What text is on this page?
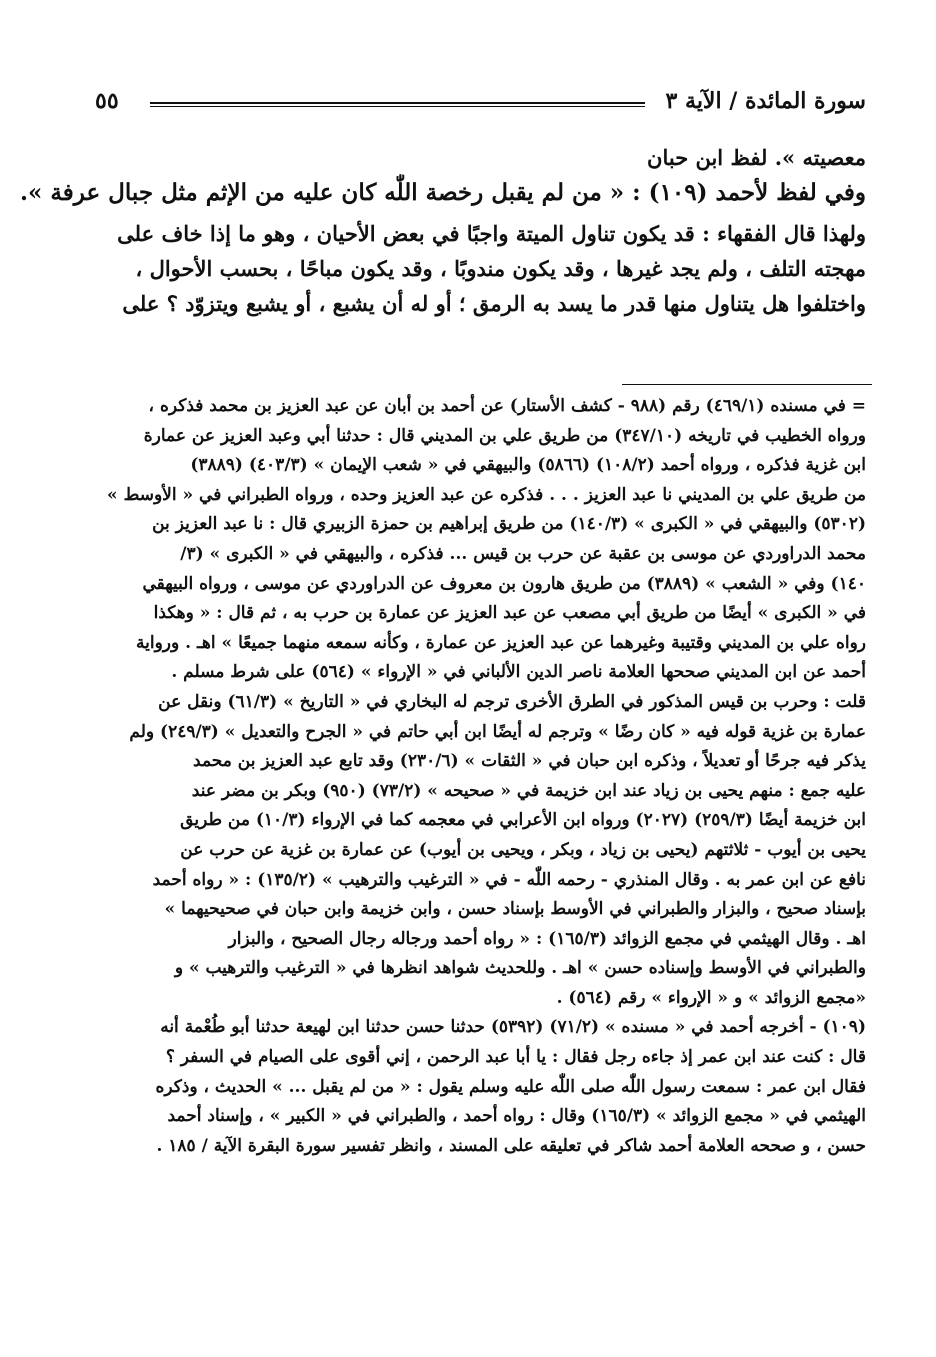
٥٥	سورة المائدة / الآية ٣

معصيته ». لفظ ابن حبان
وفي لفظ لأحمد (١٠٩) : « من لم يقبل رخصة اللّٰه كان عليه من الإثم مثل جبال عرفة ».

ولهذا قال الفقهاء : قد يكون تناول الميتة واجبًا في بعض الأحيان ، وهو ما إذا خاف على
مهجته التلف ، ولم يجد غيرها ، وقد يكون مندوبًا ، وقد يكون مباحًا ، بحسب الأحوال ،
واختلفوا هل يتناول منها قدر ما يسد به الرمق ؛ أو له أن يشبع ، أو يشبع ويتزوّد ؟ على

= في مسنده (٤٦٩/١) رقم (٩٨٨ - كشف الأستار) عن أحمد بن أبان عن عبد العزيز بن محمد فذكره ،
ورواه الخطيب في تاريخه (٣٤٧/١٠) من طريق علي بن المديني قال : حدثنا أبي وعبد العزيز عن عمارة
ابن غزية فذكره ، ورواه أحمد (١٠٨/٢) (٥٨٦٦) والبيهقي في « شعب الإيمان » (٤٠٣/٣) (٣٨٨٩)
من طريق علي بن المديني نا عبد العزيز . . . فذكره عن عبد العزيز وحده ، ورواه الطبراني في « الأوسط »
(٥٣٠٢) والبيهقي في « الكبرى » (١٤٠/٣) من طريق إبراهيم بن حمزة الزبيري قال : نا عبد العزيز بن
محمد الدراوردي عن موسى بن عقبة عن حرب بن قيس ... فذكره ، والبيهقي في « الكبرى » (٣/
١٤٠) وفي « الشعب » (٣٨٨٩) من طريق هارون بن معروف عن الدراوردي عن موسى ، ورواه البيهقي
في « الكبرى » أيضًا من طريق أبي مصعب عن عبد العزيز عن عمارة بن حرب به ، ثم قال : « وهكذا
رواه علي بن المديني وقتيبة وغيرهما عن عبد العزيز عن عمارة ، وكأنه سمعه منهما جميعًا » اهـ . ورواية
أحمد عن ابن المديني صححها العلامة ناصر الدين الألباني في « الإرواء » (٥٦٤) على شرط مسلم .
قلت : وحرب بن قيس المذكور في الطرق الأخرى ترجم له البخاري في « التاريخ » (٦١/٣) ونقل عن
عمارة بن غزية قوله فيه « كان رضًا » وترجم له أيضًا ابن أبي حاتم في « الجرح والتعديل » (٢٤٩/٣) ولم
يذكر فيه جرحًا أو تعديلاً ، وذكره ابن حبان في « الثقات » (٢٣٠/٦) وقد تابع عبد العزيز بن محمد
عليه جمع : منهم يحيى بن زياد عند ابن خزيمة في « صحيحه » (٧٣/٢) (٩٥٠) وبكر بن مضر عند
ابن خزيمة أيضًا (٢٥٩/٣) (٢٠٢٧) ورواه ابن الأعرابي في معجمه كما في الإرواء (١٠/٣) من طريق
يحيى بن أيوب - ثلاثتهم (يحيى بن زياد ، وبكر ، ويحيى بن أيوب) عن عمارة بن غزية عن حرب عن
نافع عن ابن عمر به . وقال المنذري - رحمه اللّٰه - في « الترغيب والترهيب » (١٣٥/٢) : « رواه أحمد
بإسناد صحيح ، والبزار والطبراني في الأوسط بإسناد حسن ، وابن خزيمة وابن حبان في صحيحيهما »
اهـ . وقال الهيثمي في مجمع الزوائد (١٦٥/٣) : « رواه أحمد ورجاله رجال الصحيح ، والبزار
والطبراني في الأوسط وإسناده حسن » اهـ . وللحديث شواهد انظرها في « الترغيب والترهيب » و
«مجمع الزوائد » و « الإرواء » رقم (٥٦٤) .
(١٠٩) - أخرجه أحمد في « مسنده » (٧١/٢) (٥٣٩٢) حدثنا حسن حدثنا ابن لهيعة حدثنا أبو طُعْمة أنه
قال : كنت عند ابن عمر إذ جاءه رجل فقال : يا أبا عبد الرحمن ، إني أقوى على الصيام في السفر ؟
فقال ابن عمر : سمعت رسول اللّٰه صلى اللّٰه عليه وسلم يقول : « من لم يقبل ... » الحديث ، وذكره
الهيثمي في « مجمع الزوائد » (١٦٥/٣) وقال : رواه أحمد ، والطبراني في « الكبير » ، وإسناد أحمد
حسن ، و صححه العلامة أحمد شاكر في تعليقه على المسند ، وانظر تفسير سورة البقرة الآية / ١٨٥ .
